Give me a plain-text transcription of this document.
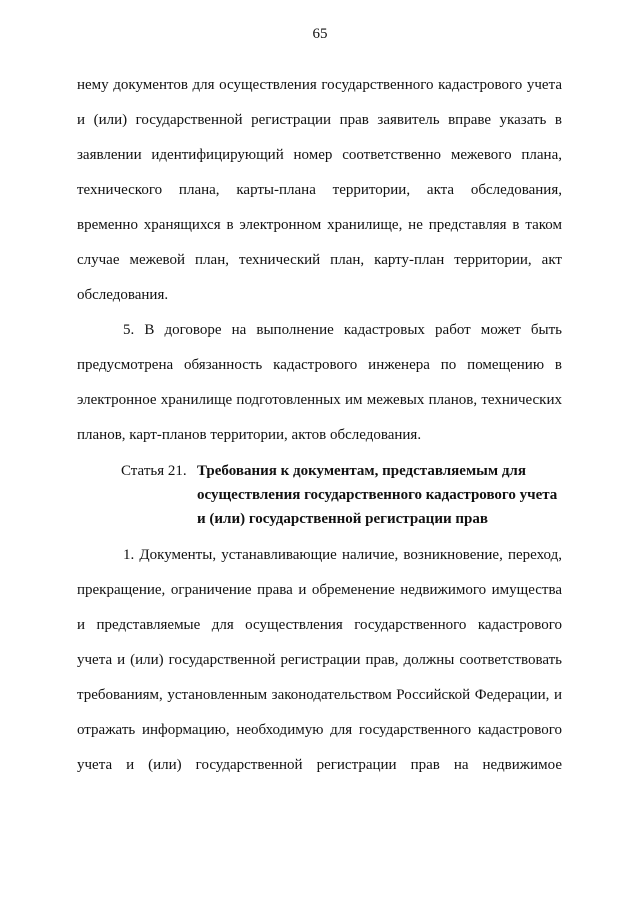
65
нему документов для осуществления государственного кадастрового учета
и (или) государственной регистрации прав заявитель вправе указать в
заявлении идентифицирующий номер соответственно межевого плана,
технического плана, карты-плана территории, акта обследования,
временно хранящихся в электронном хранилище, не представляя в таком
случае межевой план, технический план, карту-план территории, акт
обследования.
5. В договоре на выполнение кадастровых работ может быть
предусмотрена обязанность кадастрового инженера по помещению в
электронное хранилище подготовленных им межевых планов, технических
планов, карт-планов территории, актов обследования.
Статья 21. Требования к документам, представляемым для
осуществления государственного кадастрового учета
и (или) государственной регистрации прав
1. Документы, устанавливающие наличие, возникновение, переход,
прекращение, ограничение права и обременение недвижимого имущества
и представляемые для осуществления государственного кадастрового
учета и (или) государственной регистрации прав, должны соответствовать
требованиям, установленным законодательством Российской Федерации, и
отражать информацию, необходимую для государственного кадастрового
учета и (или) государственной регистрации прав на недвижимое
